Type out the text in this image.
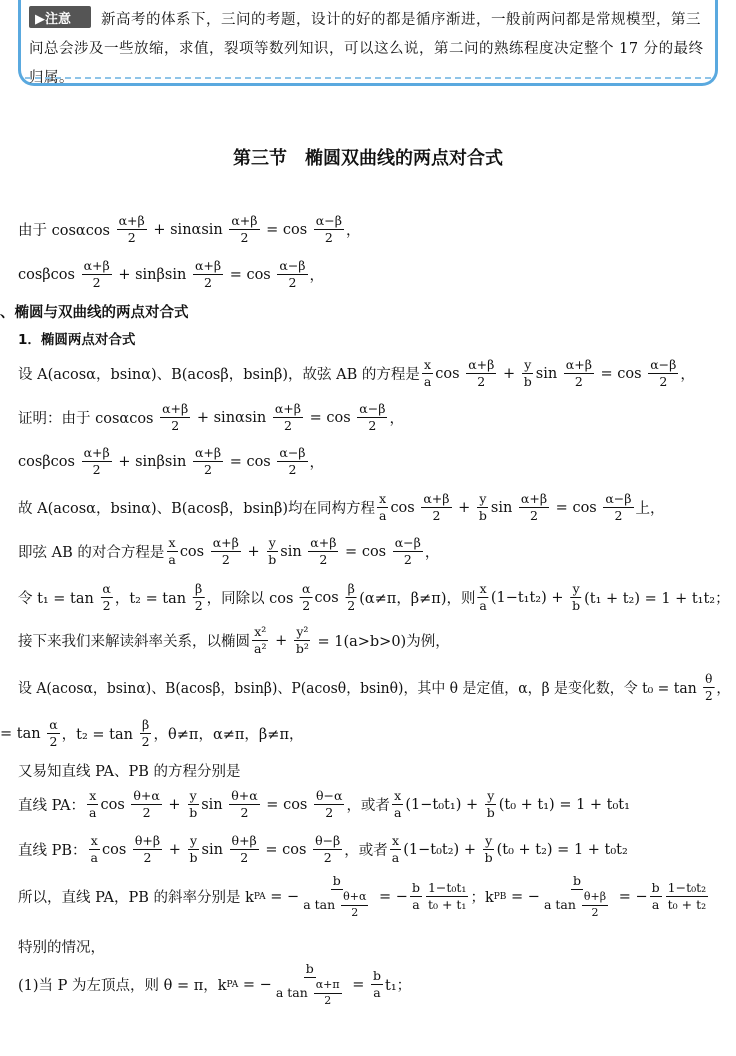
新高考的体系下，三问的考题，设计的好的都是循序渐进，一般前两问都是常规模型，第三问总会涉及一些放缩，求值，裂项等数列知识，可以这么说，第二问的熟练程度决定整个 17 分的最终归属。
▶注意
第三节　椭圆双曲线的两点对合式
由于 cosαcos $\frac{\alpha+\beta}{2} + \sin\alpha\sin \frac{\alpha+\beta}{2} = \cos \frac{\alpha-\beta}{2}$ ，
cosβcos $\frac{\alpha+\beta}{2} + \sin\beta\sin \frac{\alpha+\beta}{2} = \cos \frac{\alpha-\beta}{2}$ ，
、椭圆与双曲线的两点对合式
1．椭圆两点对合式
设 A(acosα，bsinα)、B(acosβ，bsinβ)，故弦 AB 的方程是 $\frac{x}{a}$ $\cos \frac{\alpha+\beta}{2} + \frac{y}{b}$ $\sin \frac{\alpha+\beta}{2} = \cos \frac{\alpha-\beta}{2}$ ，
证明：由于 cosαcos $\frac{\alpha+\beta}{2} + \sin\alpha\sin \frac{\alpha+\beta}{2} = \cos \frac{\alpha-\beta}{2}$ ，
cosβcos $\frac{\alpha+\beta}{2} + \sin\beta\sin \frac{\alpha+\beta}{2} = \cos \frac{\alpha-\beta}{2}$ ，
故 A(acosα，bsinα)、B(acosβ，bsinβ)均在同构方程 $\frac{x}{a}$ $\cos \frac{\alpha+\beta}{2} + \frac{y}{b}$ $\sin \frac{\alpha+\beta}{2} = \cos \frac{\alpha-\beta}{2}$ 上，
即弦 AB 的对合方程是 $\frac{x}{a}$ $\cos \frac{\alpha+\beta}{2} + \frac{y}{b}$ $\sin \frac{\alpha+\beta}{2} = \cos \frac{\alpha-\beta}{2}$ ，
令 $t_1 = \tan \frac{\alpha}{2}$ ，$t_2 = \tan \frac{\beta}{2}$ ，同除以 $\cos \frac{\alpha}{2}$ $\cos \frac{\beta}{2} (\alpha\ne\pi$，β≠π)，则 $\frac{x}{a} (1-t_1t_2) + \frac{y}{b} (t_1 + t_2) = 1 + t_1t_2$；
接下来我们来解读斜率关系，以椭圆 $\frac{\text{x²}}{\text{a²}} + \frac{\text{y²}}{\text{b²}} = 1(a>b>0)$为例，
设 A(acosα，bsinα)、B(acosβ，bsinβ)、P(acosθ，bsinθ)，其中 θ 是定值，α，β 是变化数，令 $t_0 = \tan \frac{\theta}{2}$ ，
= $\tan \frac{\alpha}{2}$ ，$t_2 = \tan \frac{\beta}{2}$ ，θ≠π，α≠π，β≠π，
又易知直线 PA、PB 的方程分别是
直线 PA： $\frac{x}{a}$ $\cos \frac{\theta+\alpha}{2} + \frac{y}{b}$ $\sin \frac{\theta+\alpha}{2} = \cos \frac{\theta-\alpha}{2}$ ，或者 $\frac{x}{a} (1-t_0t_1) + \frac{y}{b} (t_0 + t_1) = 1 + t_0t_1$
直线 PB： $\frac{x}{a}$ $\cos \frac{\theta+\beta}{2} + \frac{y}{b}$ $\sin \frac{\theta+\beta}{2} = \cos \frac{\theta-\beta}{2}$ ，或者 $\frac{x}{a} (1-t_0t_2) + \frac{y}{b} (t_0 + t_2) = 1 + t_0t_2$
所以，直线 PA，PB 的斜率分别是 k PA = − $\frac{b}{a \tan \frac{\theta+\alpha}{2}}$ = − $\frac{b}{a} \frac{\text{1−t₀t₁}}{\text{t₀ + t₁}}$ ；k PB = − $\frac{b}{a \tan \frac{\theta+\beta}{2}}$ = − $\frac{b}{a} \frac{\text{1−t₀t₂}}{\text{t₀ + t₂}}$
特别的情况，
(1)当 P 为左顶点，则 θ = π，k PA = − $\frac{b}{a \tan \frac{\alpha+\pi}{2}} = \frac{b}{a} t_1$；
